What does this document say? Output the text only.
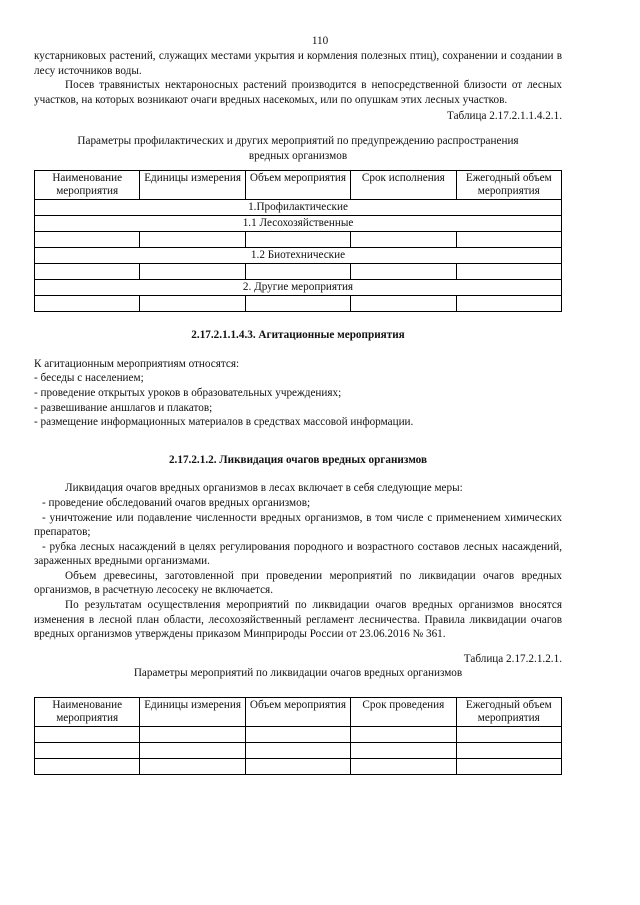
110

кустарниковых растений, служащих местами укрытия и кормления полезных птиц), сохранении и создании в лесу источников воды.

Посев травянистых нектароносных растений производится в непосредственной близости от лесных участков, на которых возникают очаги вредных насекомых, или по опушкам этих лесных участков.

Таблица 2.17.2.1.1.4.2.1.

Параметры профилактических и других мероприятий по предупреждению распространения вредных организмов

Наименование мероприятия	Единицы измерения	Объем мероприятия	Срок исполнения	Ежегодный объем мероприятия
1.Профилактические				
1.1 Лесохозяйственные				

1.2 Биотехнические				

2. Другие мероприятия				

2.17.2.1.1.4.3. Агитационные мероприятия

К агитационным мероприятиям относятся:

- беседы с населением;
- проведение открытых уроков в образовательных учреждениях;
- развешивание аншлагов и плакатов;
- размещение информационных материалов в средствах массовой информации.

2.17.2.1.2. Ликвидация очагов вредных организмов

Ликвидация очагов вредных организмов в лесах включает в себя следующие меры:

- проведение обследований очагов вредных организмов;

- уничтожение или подавление численности вредных организмов, в том числе с применением химических препаратов;

- рубка лесных насаждений в целях регулирования породного и возрастного составов лесных насаждений, зараженных вредными организмами.

Объем древесины, заготовленной при проведении мероприятий по ликвидации очагов вредных организмов, в расчетную лесосеку не включается.

По результатам осуществления мероприятий по ликвидации очагов вредных организмов вносятся изменения в лесной план области, лесохозяйственный регламент лесничества. Правила ликвидации очагов вредных организмов утверждены приказом Минприроды России от 23.06.2016 № 361.

Таблица 2.17.2.1.2.1.

Параметры мероприятий по ликвидации очагов вредных организмов

Наименование мероприятия	Единицы измерения	Объем мероприятия	Срок проведения	Ежегодный объем мероприятия
